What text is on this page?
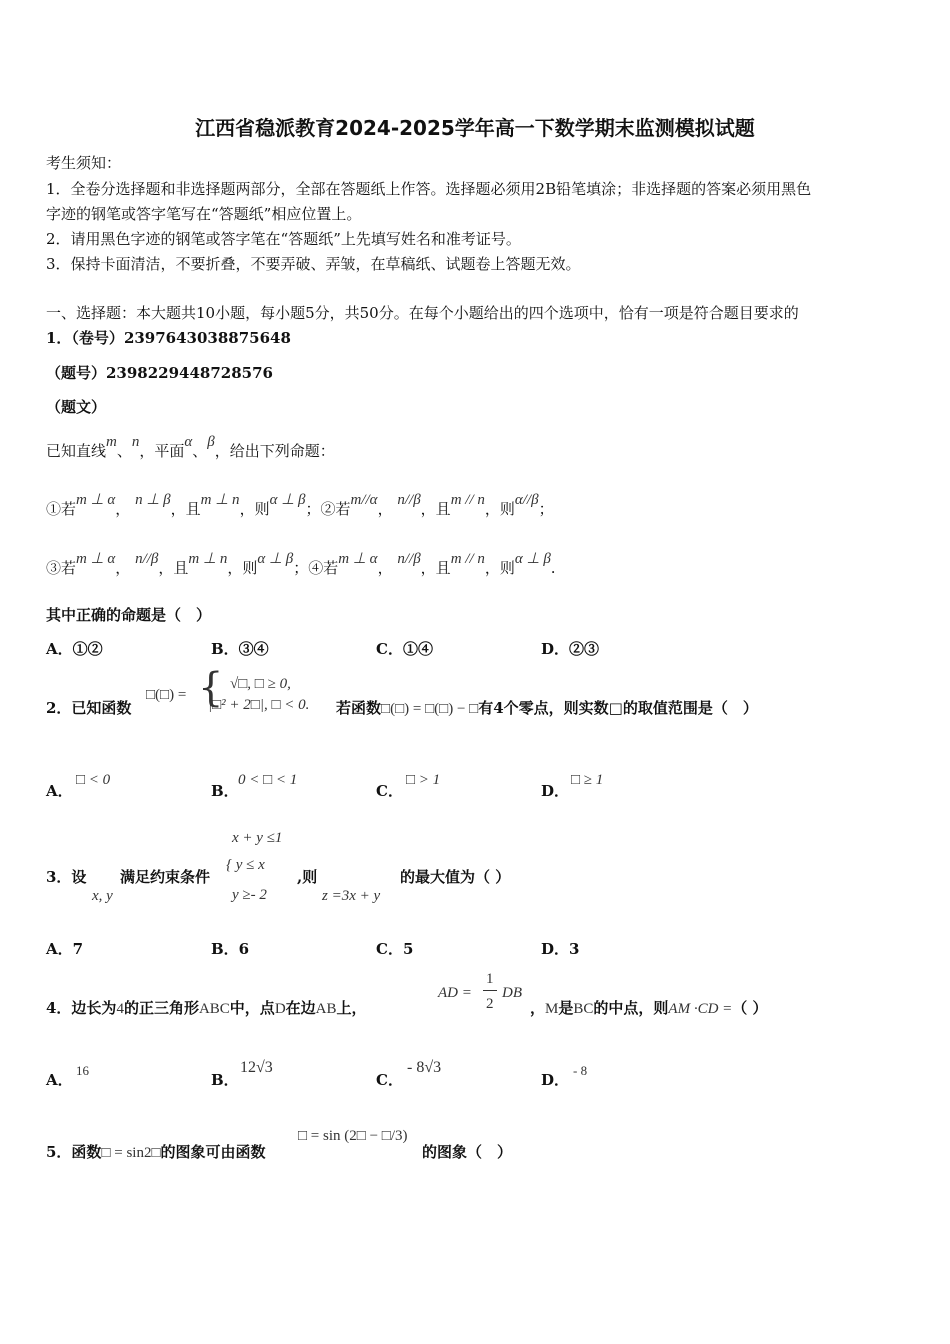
江西省稳派教育2024-2025学年高一下数学期末监测模拟试题
考生须知：
1．全卷分选择题和非选择题两部分，全部在答题纸上作答。选择题必须用2B铅笔填涂；非选择题的答案必须用黑色
字迹的钢笔或答字笔写在“答题纸”相应位置上。
2．请用黑色字迹的钢笔或答字笔在“答题纸”上先填写姓名和准考证号。
3．保持卡面清洁，不要折叠，不要弄破、弄皱，在草稿纸、试题卷上答题无效。
一、选择题：本大题共10小题，每小题5分，共50分。在每个小题给出的四个选项中，恰有一项是符合题目要求的
1．（卷号）2397643038875648
（题号）2398229448728576
（题文）
已知直线m、n，平面α、β，给出下列命题：
①若m ⊥ α， n ⊥ β，且m ⊥ n，则α ⊥ β；②若m//α， n//β，且m // n，则α//β；
③若m ⊥ α， n//β，且m ⊥ n，则α ⊥ β；④若m ⊥ α， n//β，且m // n，则α ⊥ β.
其中正确的命题是（　）
A．①②	B．③④	C．①④	D．②③
2．已知函数
□(□) = { √□, □ ≥ 0,
|□² + 2□|, □ < 0. 若函数□(□) = □(□) − □有4个零点，则实数□的取值范围是（　）
A．
□ < 0
B．
0 < □ < 1
C．
□ > 1
D．
□ ≥ 1
x + y ≤1
{ y ≤ x
y ≥- 2
3．设
x, y
满足约束条件	,则
z =3x + y
的最大值为（ ）
A．7	B．6	C．5	D．3
4．边长为4的正三角形ABC中，点D在边AB上，
AD =
1
2
DB
，M是BC的中点，则AM ·CD =（ ）
A．
16
B．
12√3
C．
- 8√3
D．
- 8
5．函数□ = sin2□的图象可由函数
□ = sin (2□ − □/3)
的图象（　）
